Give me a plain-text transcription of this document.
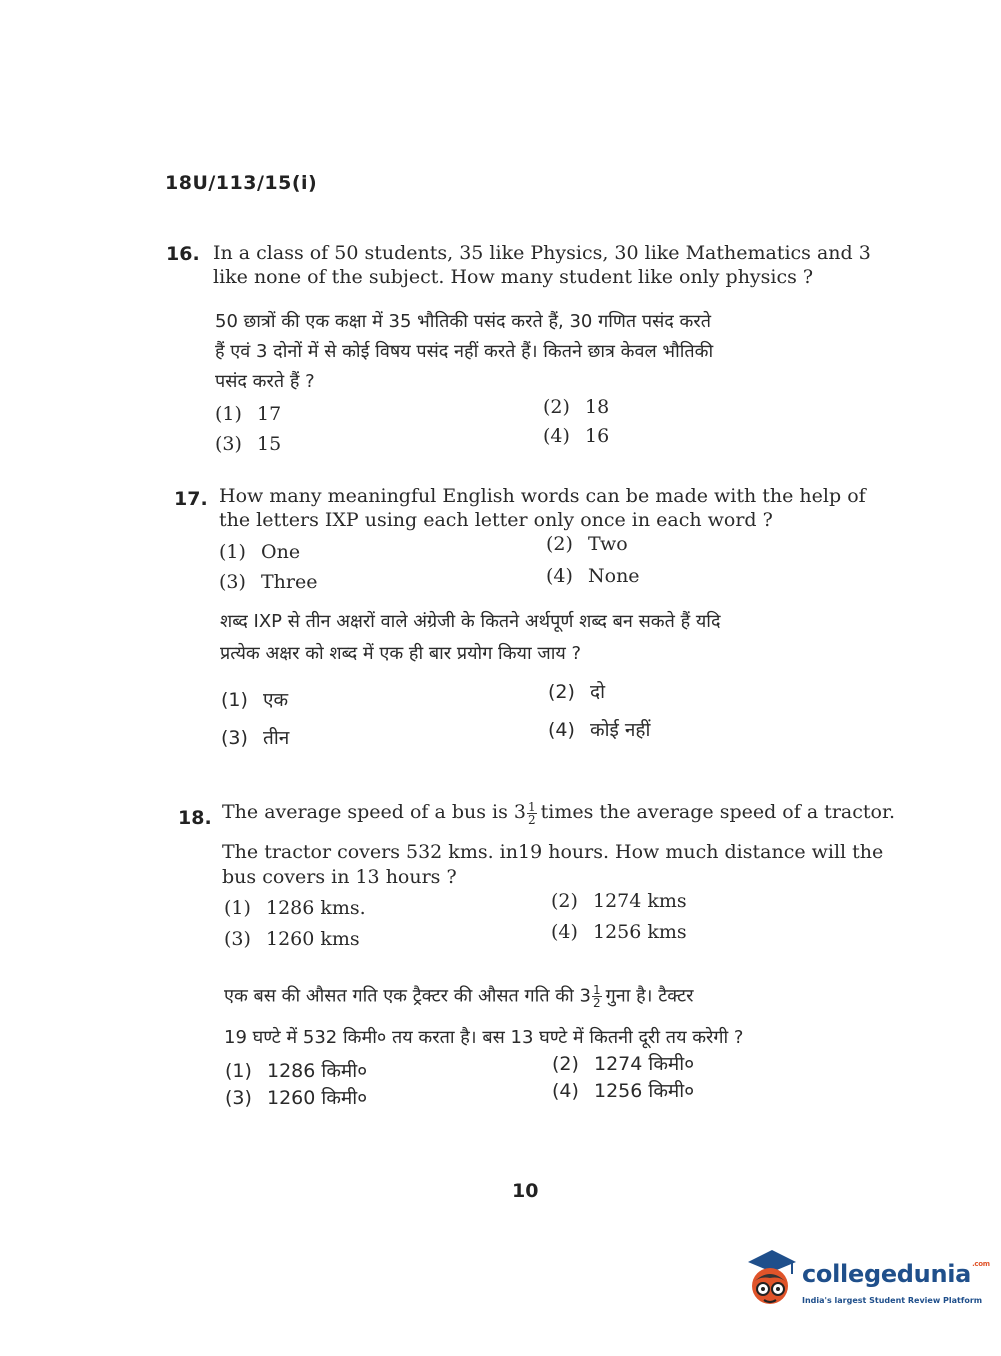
18U/113/15(i)
16. In a class of 50 students, 35 like Physics, 30 like Mathematics and 3
like none of the subject. How many student like only physics ?
50 छात्रों की एक कक्षा में 35 भौतिकी पसंद करते हैं, 30 गणित पसंद करते
हैं एवं 3 दोनों में से कोई विषय पसंद नहीं करते हैं। कितने छात्र केवल भौतिकी
पसंद करते हैं ?
(1) 17	(2) 18
(3) 15	(4) 16
17. How many meaningful English words can be made with the help of
the letters IXP using each letter only once in each word ?
(1) One	(2) Two
(3) Three	(4) None
शब्द IXP से तीन अक्षरों वाले अंग्रेजी के कितने अर्थपूर्ण शब्द बन सकते हैं यदि
प्रत्येक अक्षर को शब्द में एक ही बार प्रयोग किया जाय ?
(1) एक	(2) दो
(3) तीन	(4) कोई नहीं
18. The average speed of a bus is $3 \frac{1}{2}$ times the average speed of a tractor.
The tractor covers 532 kms. in19 hours. How much distance will the
bus covers in 13 hours ?
(1) 1286 kms.	(2) 1274 kms
(3) 1260 kms	(4) 1256 kms
एक बस की औसत गति एक ट्रैक्टर की औसत गति की $3 \frac{1}{2}$ गुना है। टैक्टर
19 घण्टे में 532 किमी० तय करता है। बस 13 घण्टे में कितनी दूरी तय करेगी ?
(1) 1286 किमी०	(2) 1274 किमी०
(3) 1260 किमी०	(4) 1256 किमी०
10
collegedunia$^{.com}$
India's largest Student Review Platform
